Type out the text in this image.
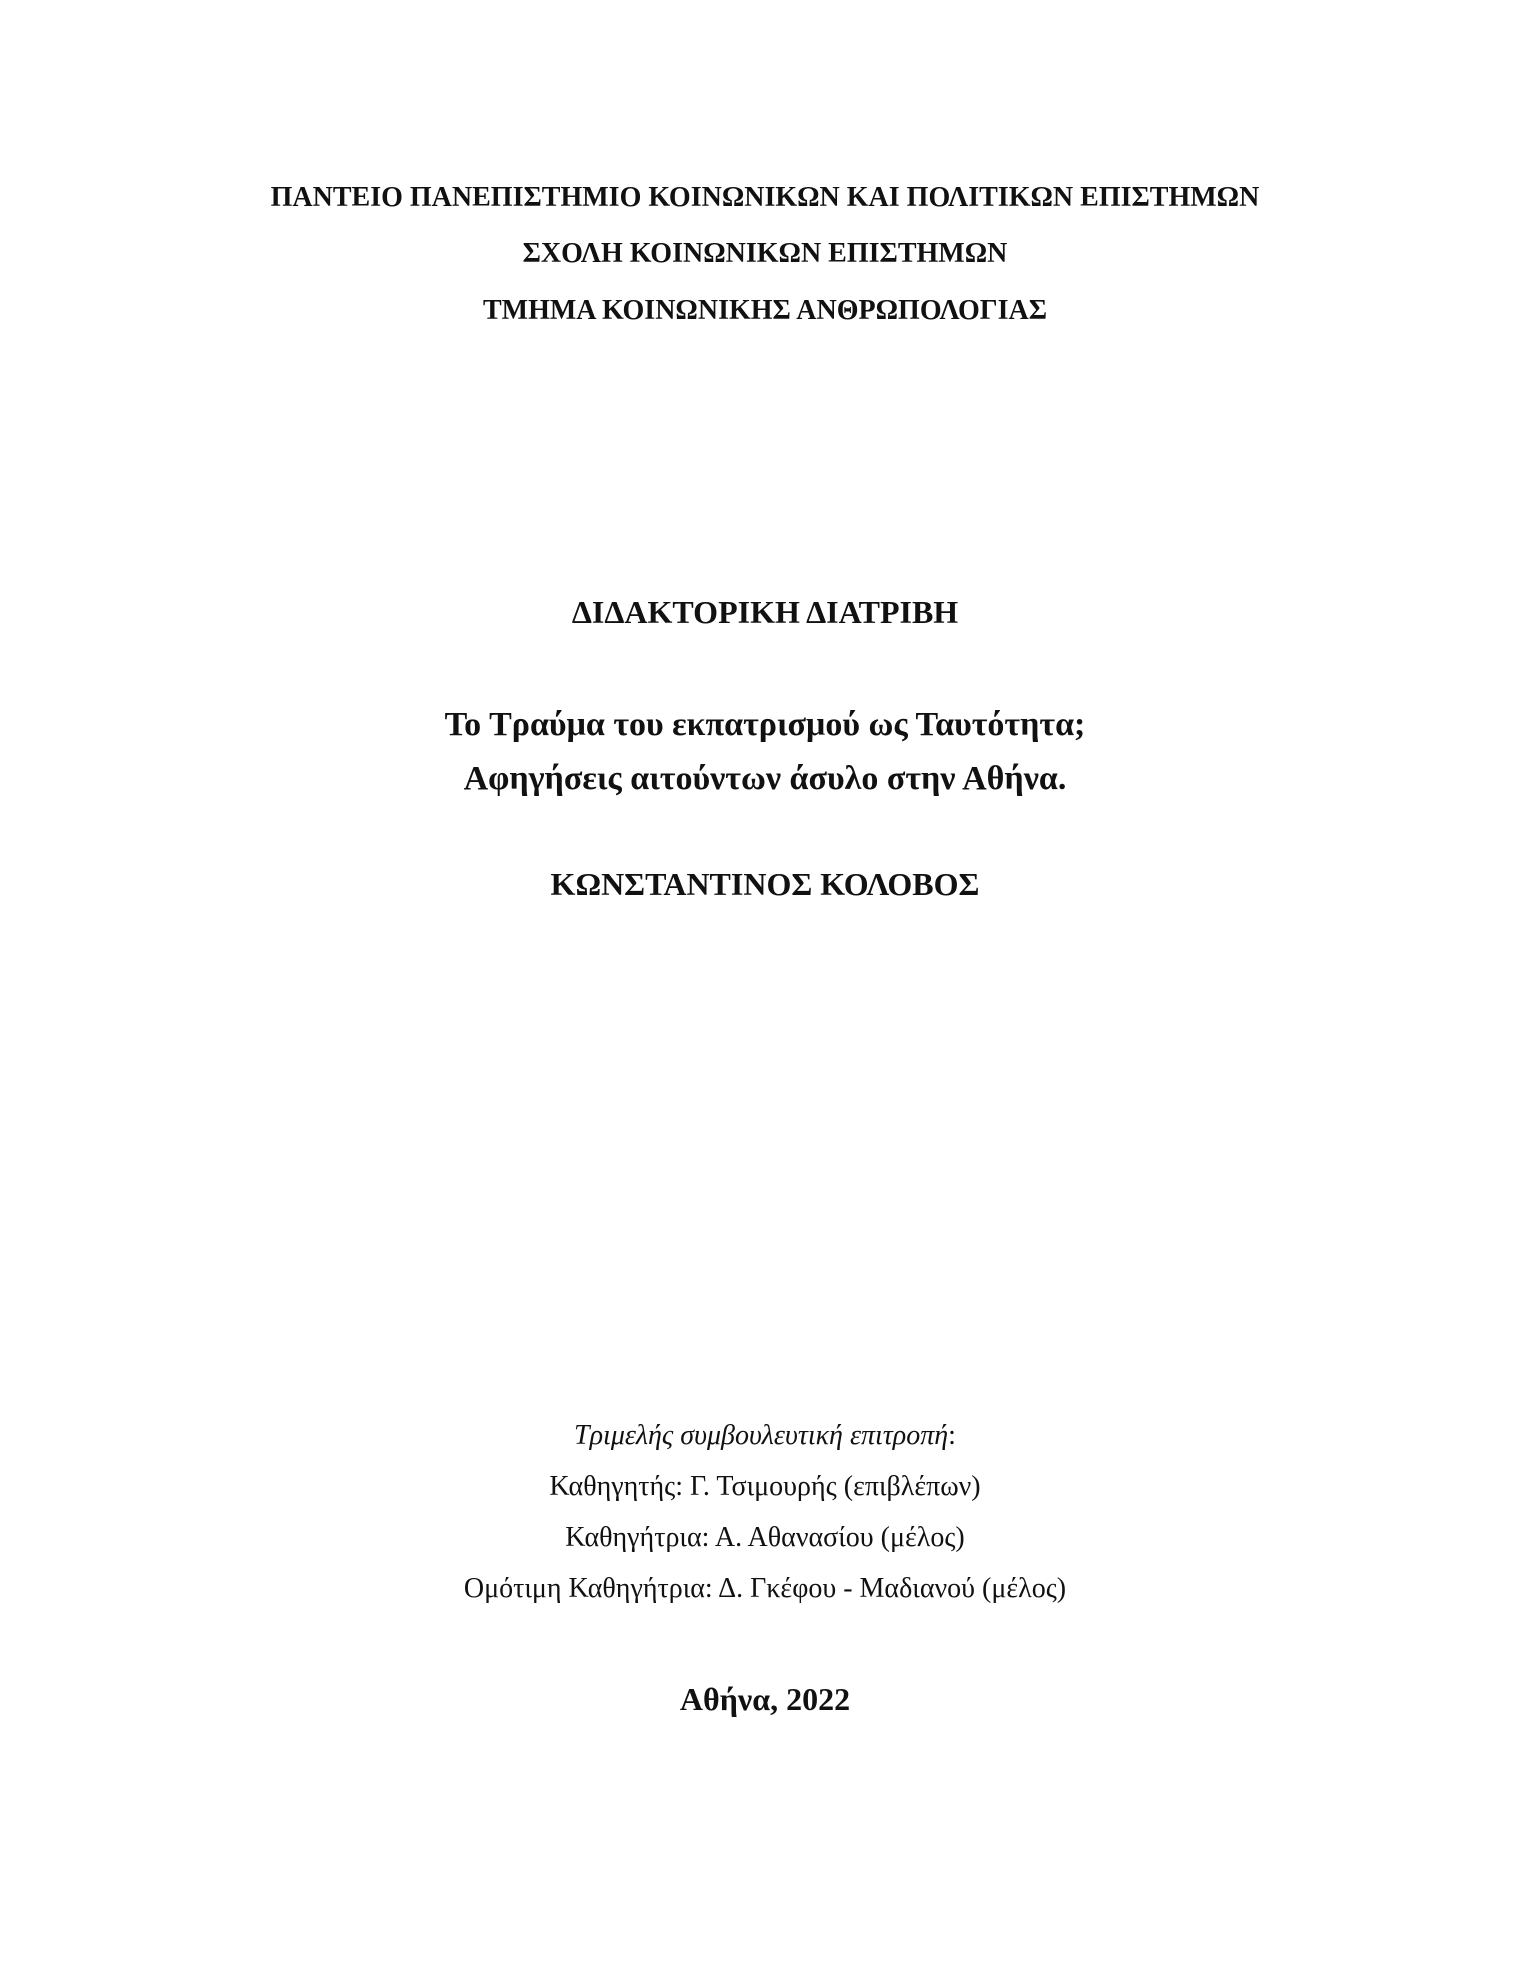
ΠΑΝΤΕΙΟ ΠΑΝΕΠΙΣΤΗΜΙΟ ΚΟΙΝΩΝΙΚΩΝ ΚΑΙ ΠΟΛΙΤΙΚΩΝ ΕΠΙΣΤΗΜΩΝ
ΣΧΟΛΗ ΚΟΙΝΩΝΙΚΩΝ ΕΠΙΣΤΗΜΩΝ
ΤΜΗΜΑ ΚΟΙΝΩΝΙΚΗΣ ΑΝΘΡΩΠΟΛΟΓΙΑΣ
ΔΙΔΑΚΤΟΡΙΚΗ ΔΙΑΤΡΙΒΗ
Το Τραύμα του εκπατρισμού ως Ταυτότητα;
Αφηγήσεις αιτούντων άσυλο στην Αθήνα.
ΚΩΝΣΤΑΝΤΙΝΟΣ ΚΟΛΟΒΟΣ
Τριμελής συμβουλευτική επιτροπή:
Καθηγητής: Γ. Τσιμουρής (επιβλέπων)
Καθηγήτρια: Α. Αθανασίου (μέλος)
Ομότιμη Καθηγήτρια: Δ. Γκέφου - Μαδιανού (μέλος)
Αθήνα, 2022
